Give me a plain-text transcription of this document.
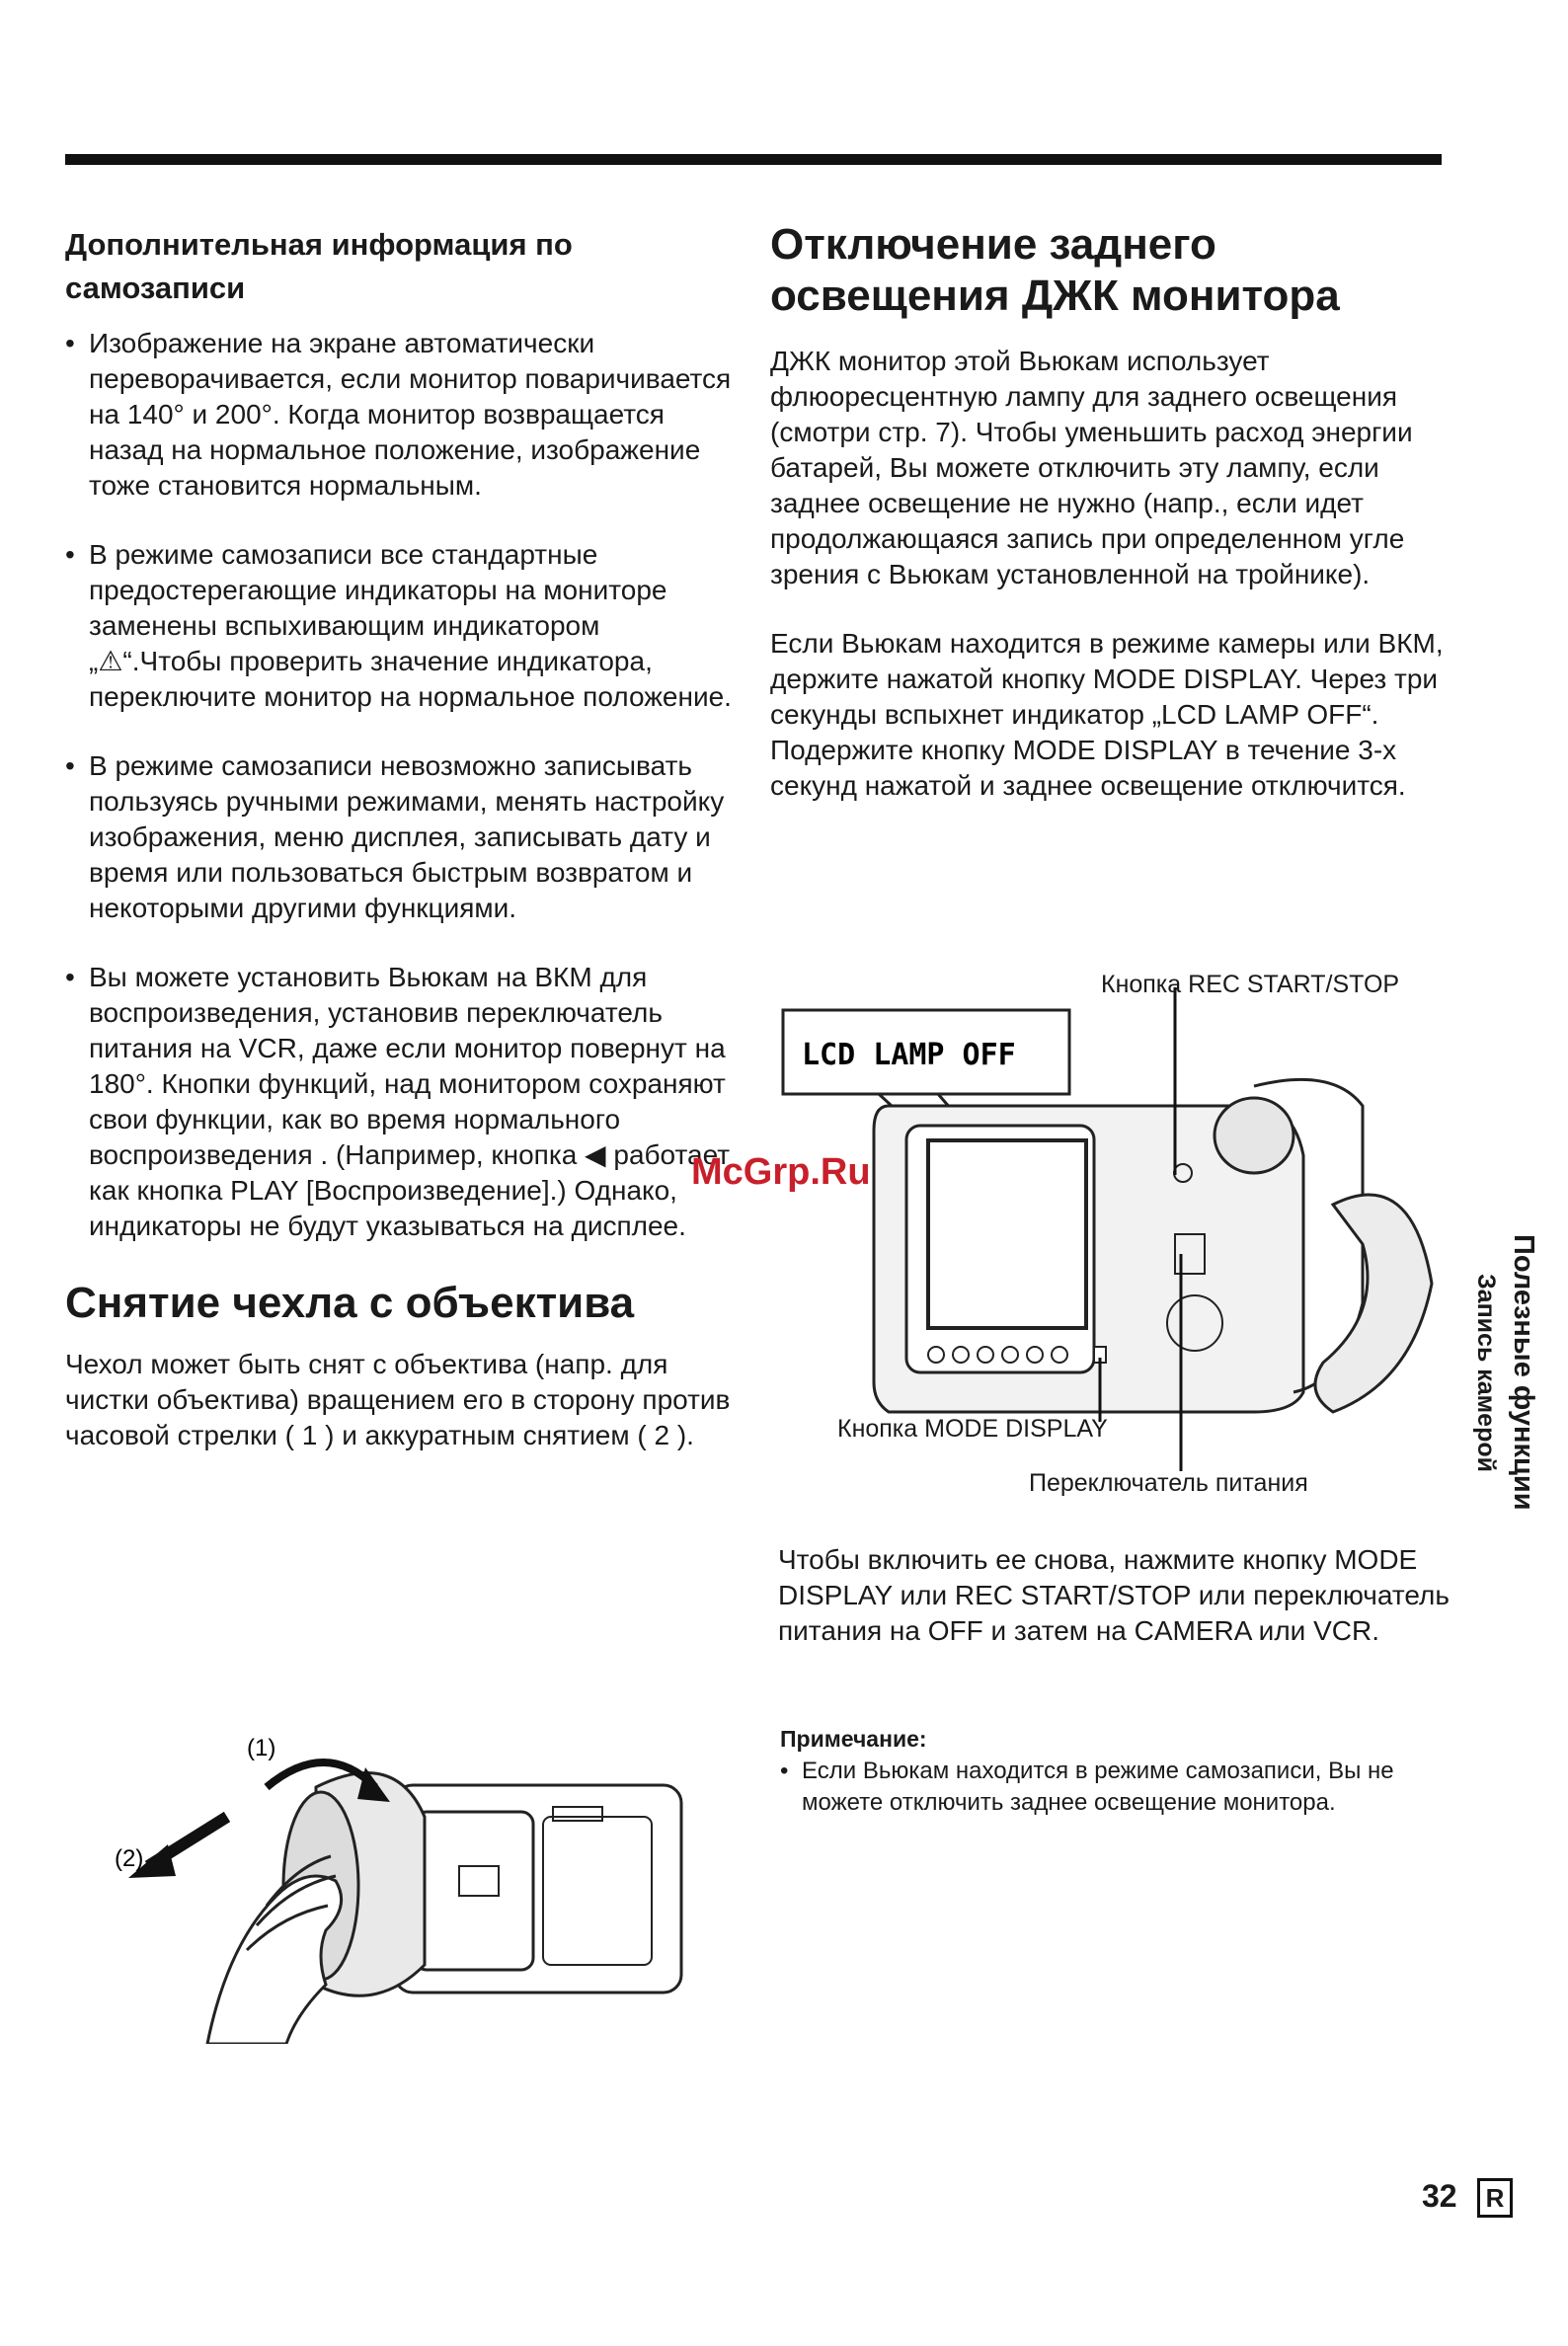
Дополнительная информация по самозаписи
• Изображение на экране автоматически переворачивается, если монитор поваричивается на 140° и 200°. Когда монитор возвращается назад на нормальное положение, изображение тоже становится нормальным.
• В режиме самозаписи все стандартные предостерегающие индикаторы на мониторе заменены вспыхивающим индикатором „⚠“.Чтобы проверить значение индикатора, переключите монитор на нормальное положение.
• В режиме самозаписи невозможно записывать пользуясь ручными режимами, менять настройку изображения, меню дисплея, записывать дату и время или пользоваться быстрым возвратом и некоторыми другими функциями.
• Вы можете установить Вьюкам на ВКМ для воспроизведения, установив переключатель питания на VCR, даже если монитор повернут на 180°. Кнопки функций, над монитором сохраняют свои функции, как во время нормального воспроизведения . (Например, кнопка ◀ работает как кнопка PLAY [Воспроизведение].) Однако, индикаторы не будут указываться на дисплее.
Снятие чехла с объектива

Чехол может быть снят с объектива (напр. для чистки объектива) вращением его в сторону против часовой стрелки ( 1 ) и аккуратным снятием ( 2 ).

(1)
(2)
Отключение заднего освещения ДЖК монитора

ДЖК монитор этой Вьюкам использует флюоресцентную лампу для заднего освещения (смотри стр. 7). Чтобы уменьшить расход энергии батарей, Вы можете отключить эту лампу, если заднее освещение не нужно (напр., если идет продолжающаяся запись при определенном угле зрения с Вьюкам установленной на тройнике).

Если Вьюкам находится в режиме камеры или ВКМ, держите нажатой кнопку MODE DISPLAY. Через три секунды вспыхнет индикатор „LCD LAMP OFF“. Подержите кнопку MODE DISPLAY в течение 3-х секунд нажатой и заднее освещение отключится.

LCD LAMP OFF
Кнопка REC START/STOP
Кнопка MODE DISPLAY
Переключатель питания

Чтобы включить ее снова, нажмите кнопку MODE DISPLAY или REC START/STOP или переключатель питания на OFF и затем на CAMERA или VCR.

Примечание:
• Если Вьюкам находится в режиме самозаписи, Вы не можете отключить заднее освещение монитора.
McGrp.Ru
Полезные функции
Запись камерой
32	R
